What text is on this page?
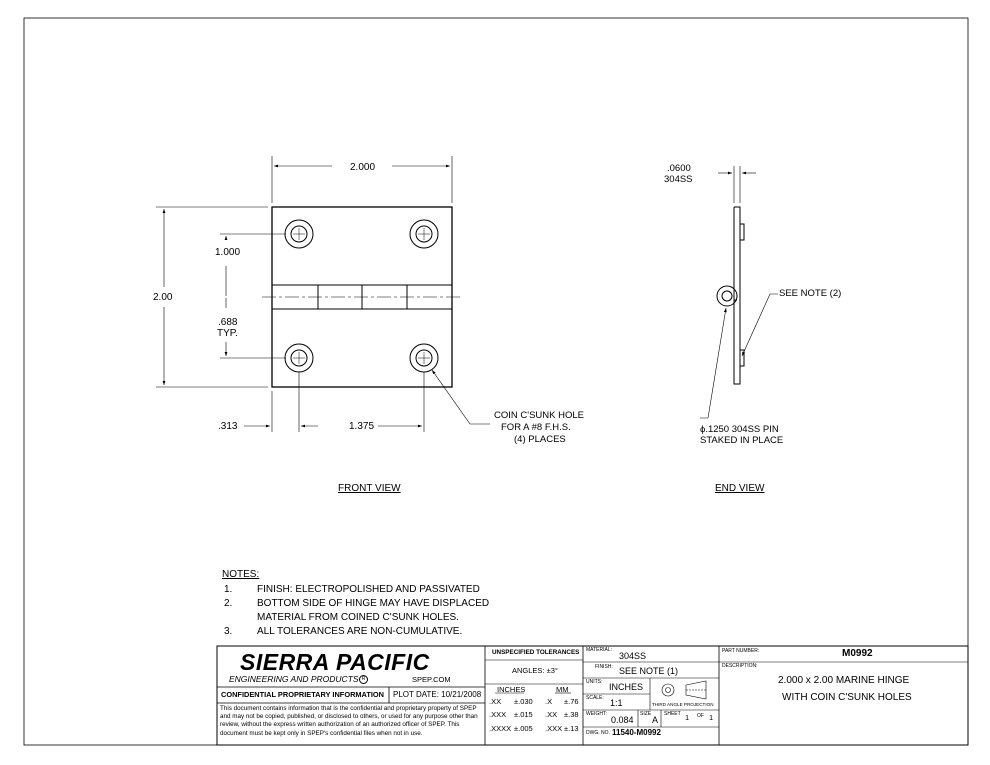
2.000
2.00
1.000
.688
TYP.
.313	1.375
COIN C'SUNK HOLE
FOR A #8 F.H.S.
(4) PLACES
FRONT VIEW
.0600
304SS
SEE NOTE (2)
ϕ.1250 304SS PIN
STAKED IN PLACE
END VIEW
NOTES:
1. FINISH: ELECTROPOLISHED AND PASSIVATED
2. BOTTOM SIDE OF HINGE MAY HAVE DISPLACED
MATERIAL FROM COINED C'SUNK HOLES.
3. ALL TOLERANCES ARE NON-CUMULATIVE.
SIERRA PACIFIC
ENGINEERING AND PRODUCTS R	SPEP.COM
CONFIDENTIAL PROPRIETARY INFORMATION PLOT DATE: 10/21/2008
This document contains information that is the confidential and proprietary property of SPEP and may not be copied, published, or disclosed to others, or used for any purpose other than review, without the express written authorization of an authorized officer of SPEP. This document must be kept only in SPEP's confidential files when not in use.
UNSPECIFIED TOLERANCES
ANGLES: ±3°
INCHES	MM
.XX ±.030 .X ±.76
.XXX ±.015 .XX ±.38
.XXXX ±.005 .XXX ±.13
MATERIAL:
304SS
FINISH: SEE NOTE (1)
UNITS: INCHES
SCALE: 1:1	THIRD ANGLE PROJECTION
WEIGHT:
0.084
SIZE
A
SHEET 1 OF 1
DWG. NO. 11540-M0992
PART NUMBER:	M0992
DESCRIPTION:
2.000 x 2.00 MARINE HINGE
WITH COIN C'SUNK HOLES
